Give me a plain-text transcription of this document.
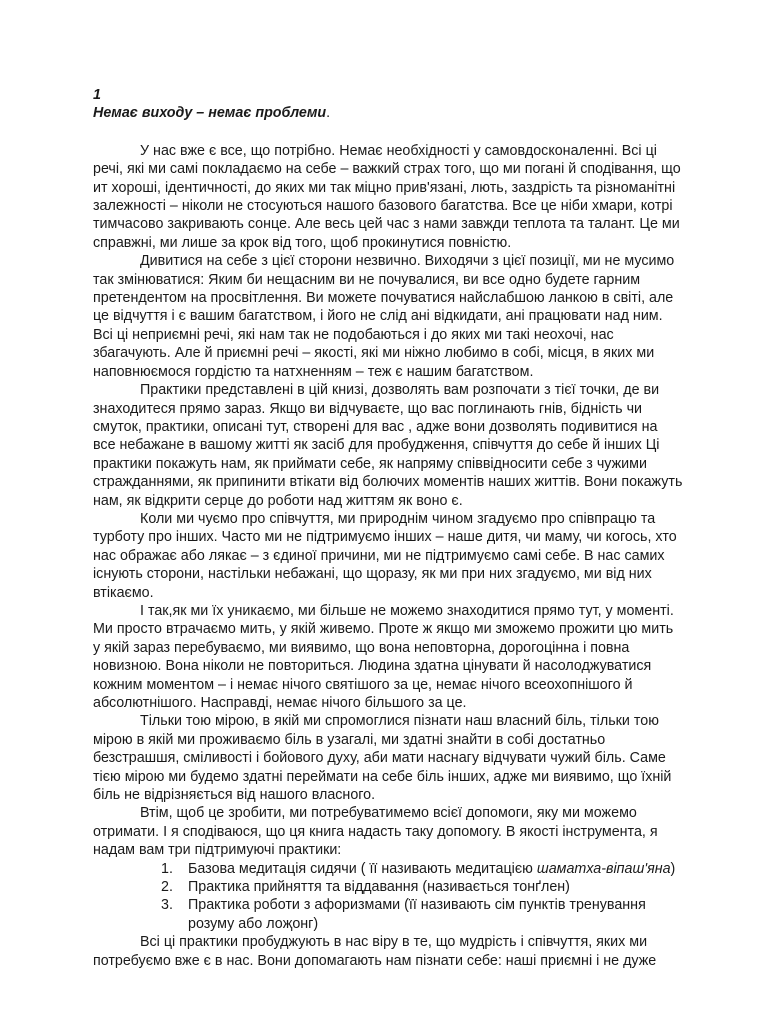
1
Немає виходу – немає проблеми.

У нас вже є все, що потрібно. Немає необхідності у самовдосконаленні. Всі ці речі, які ми самі покладаємо на себе – важкий страх того, що ми погані й сподівання, що ит хороші, ідентичності, до яких ми так міцно прив'язані, лють, заздрість та різноманітні залежності – ніколи не стосуються нашого базового багатства. Все це ніби хмари, котрі тимчасово закривають сонце. Але весь цей час з нами завжди теплота та талант. Це ми справжні, ми лише за крок від того, щоб прокинутися повністю.

Дивитися на себе з цієї сторони незвично. Виходячи з цієї позиції, ми не мусимо так змінюватися: Яким би нещасним ви не почувалися, ви все одно будете гарним претендентом на просвітлення. Ви можете почуватися найслабшою ланкою в світі, але це відчуття і є вашим багатством, і його не слід ані відкидати, ані працювати над ним. Всі ці неприємні речі, які нам так не подобаються і до яких ми такі неохочі, нас збагачують. Але й приємні речі – якості, які ми ніжно любимо в собі, місця, в яких ми наповнюємося гордістю та натхненням – теж є нашим багатством.

Практики представлені в цій книзі, дозволять вам розпочати з тієї точки, де ви знаходитеся прямо зараз. Якщо ви відчуваєте, що вас поглинають гнів, бідність чи смуток, практики, описані тут, створені для вас , адже вони дозволять подивитися на все небажане в вашому житті як засіб для пробудження, співчуття до себе й інших Ці практики покажуть нам, як приймати себе, як напряму співвідносити себе з чужими стражданнями, як припинити втікати від болючих моментів наших життів. Вони покажуть нам, як відкрити серце до роботи над життям як воно є.

Коли ми чуємо про співчуття, ми природнім чином згадуємо про співпрацю та турботу про інших. Часто ми не підтримуємо інших – наше дитя, чи маму, чи когось, хто нас ображає або лякає – з єдиної причини, ми не підтримуємо самі себе. В нас самих існують сторони, настільки небажані, що щоразу, як ми при них згадуємо, ми від них втікаємо.

І так,як ми їх уникаємо, ми більше не можемо знаходитися прямо тут, у моменті. Ми просто втрачаємо мить, у якій живемо. Проте ж якщо ми зможемо прожити цю мить у якій зараз перебуваємо, ми виявимо, що вона неповторна, дорогоцінна і повна новизною. Вона ніколи не повториться. Людина здатна цінувати й насолоджуватися кожним моментом – і немає нічого святішого за це, немає нічого всеохопнішого й абсолютнішого. Насправді, немає нічого більшого за це.

Тільки тою мірою, в якій ми спромоглися пізнати наш власний біль, тільки тою мірою в якій ми проживаємо біль в узагалі, ми здатні знайти в собі достатньо безстрашшя, сміливості і бойового духу, аби мати наснагу відчувати чужий біль. Саме тією мірою ми будемо здатні переймати на себе біль інших, адже ми виявимо, що їхній біль не відрізняється від нашого власного.

Втім, щоб це зробити, ми потребуватимемо всієї допомоги, яку ми можемо отримати. І я сподіваюся, що ця книга надасть таку допомогу. В якості інструмента, я надам вам три підтримуючі практики:

1. Базова медитація сидячи ( її називають медитацією шаматха-віпаш'яна)
2. Практика прийняття та віддавання (називається тонґлен)
3. Практика роботи з афоризмами (її називають сім пунктів тренування розуму або лоҗонг)

Всі ці практики пробуджують в нас віру в те, що мудрість і співчуття, яких ми потребуємо вже є в нас. Вони допомагають нам пізнати себе: наші приємні і не дуже
